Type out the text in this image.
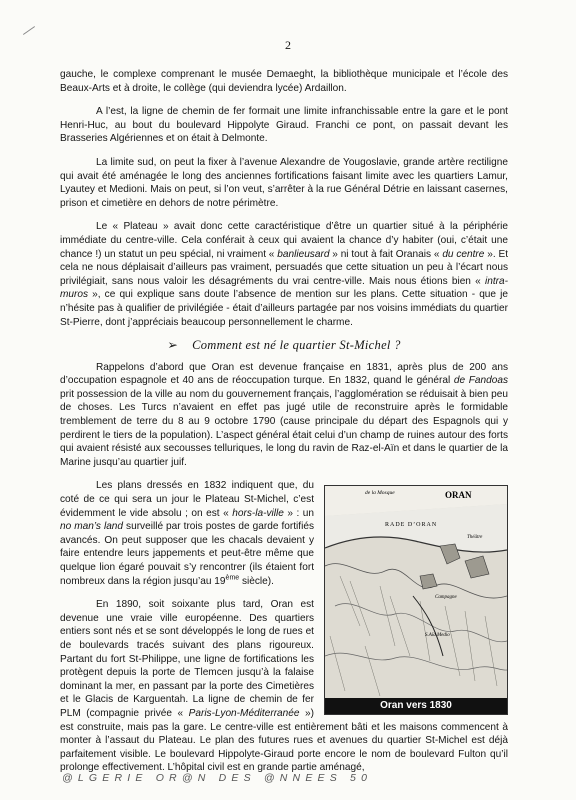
2

gauche, le complexe comprenant le musée Demaeght, la bibliothèque municipale et l’école des Beaux-Arts et à droite, le collège (qui deviendra lycée) Ardaillon.

A l’est, la ligne de chemin de fer formait une limite infranchissable entre la gare et le pont Henri-Huc, au bout du boulevard Hippolyte Giraud. Franchi ce pont, on passait devant les Brasseries Algériennes et on était à Delmonte.

La limite sud, on peut la fixer à l’avenue Alexandre de Yougoslavie, grande artère rectiligne qui avait été aménagée le long des anciennes fortifications faisant limite avec les quartiers Lamur, Lyautey et Medioni. Mais on peut, si l’on veut, s’arrêter à la rue Général Détrie en laissant casernes, prison et cimetière en dehors de notre périmètre.

Le « Plateau » avait donc cette caractéristique d’être un quartier situé à la périphérie immédiate du centre-ville. Cela conférait à ceux qui avaient la chance d’y habiter (oui, c’était une chance !) un statut un peu spécial, ni vraiment « banlieusard » ni tout à fait Oranais « du centre ». Et cela ne nous déplaisait d’ailleurs pas vraiment, persuadés que cette situation un peu à l’écart nous privilégiait, sans nous valoir les désagréments du vrai centre-ville. Mais nous étions bien « intra-muros », ce qui explique sans doute l’absence de mention sur les plans. Cette situation - que je n’hésite pas à qualifier de privilégiée - était d’ailleurs partagée par nos voisins immédiats du quartier St-Pierre, dont j’appréciais beaucoup personnellement le charme.

➢ Comment est né le quartier St-Michel ?

Rappelons d’abord que Oran est devenue française en 1831, après plus de 200 ans d’occupation espagnole et 40 ans de réoccupation turque. En 1832, quand le général de Fandoas prit possession de la ville au nom du gouvernement français, l’agglomération se réduisait à bien peu de choses. Les Turcs n’avaient en effet pas jugé utile de reconstruire après le formidable tremblement de terre du 8 au 9 octobre 1790 (cause principale du départ des Espagnols qui y perdirent le tiers de la population). L’aspect général était celui d’un champ de ruines autour des forts qui avaient résisté aux secousses telluriques, le long du ravin de Raz-el-Aïn et dans le quartier de la Marine jusqu’au quartier juif.

ORAN
de la Mosque
RADE D’ORAN
Théâtre
Campagne
S.Aïd Medio
Oran vers 1830

Les plans dressés en 1832 indiquent que, du coté de ce qui sera un jour le Plateau St-Michel, c’est évidemment le vide absolu ; on est « hors-la-ville » : un no man’s land surveillé par trois postes de garde fortifiés avancés. On peut supposer que les chacals devaient y faire entendre leurs jappements et peut-être même que quelque lion égaré pouvait s’y rencontrer (ils étaient fort nombreux dans la région jusqu’au 19ème siècle).

En 1890, soit soixante plus tard, Oran est devenue une vraie ville européenne. Des quartiers entiers sont nés et se sont développés le long de rues et de boulevards tracés suivant des plans rigoureux. Partant du fort St-Philippe, une ligne de fortifications les protègent depuis la porte de Tlemcen jusqu’à la falaise dominant la mer, en passant par la porte des Cimetières et le Glacis de Karguentah. La ligne de chemin de fer PLM (compagnie privée « Paris-Lyon-Méditerranée ») est construite, mais pas la gare. Le centre-ville est entièrement bâti et les maisons commencent à monter à l’assaut du Plateau. Le plan des futures rues et avenues du quartier St-Michel est déjà parfaitement visible. Le boulevard Hippolyte-Giraud porte encore le nom de boulevard Fulton qu’il prolonge effectivement. L’hôpital civil est en grande partie aménagé,

@LGERIE OR@N DES @NNEES 50
